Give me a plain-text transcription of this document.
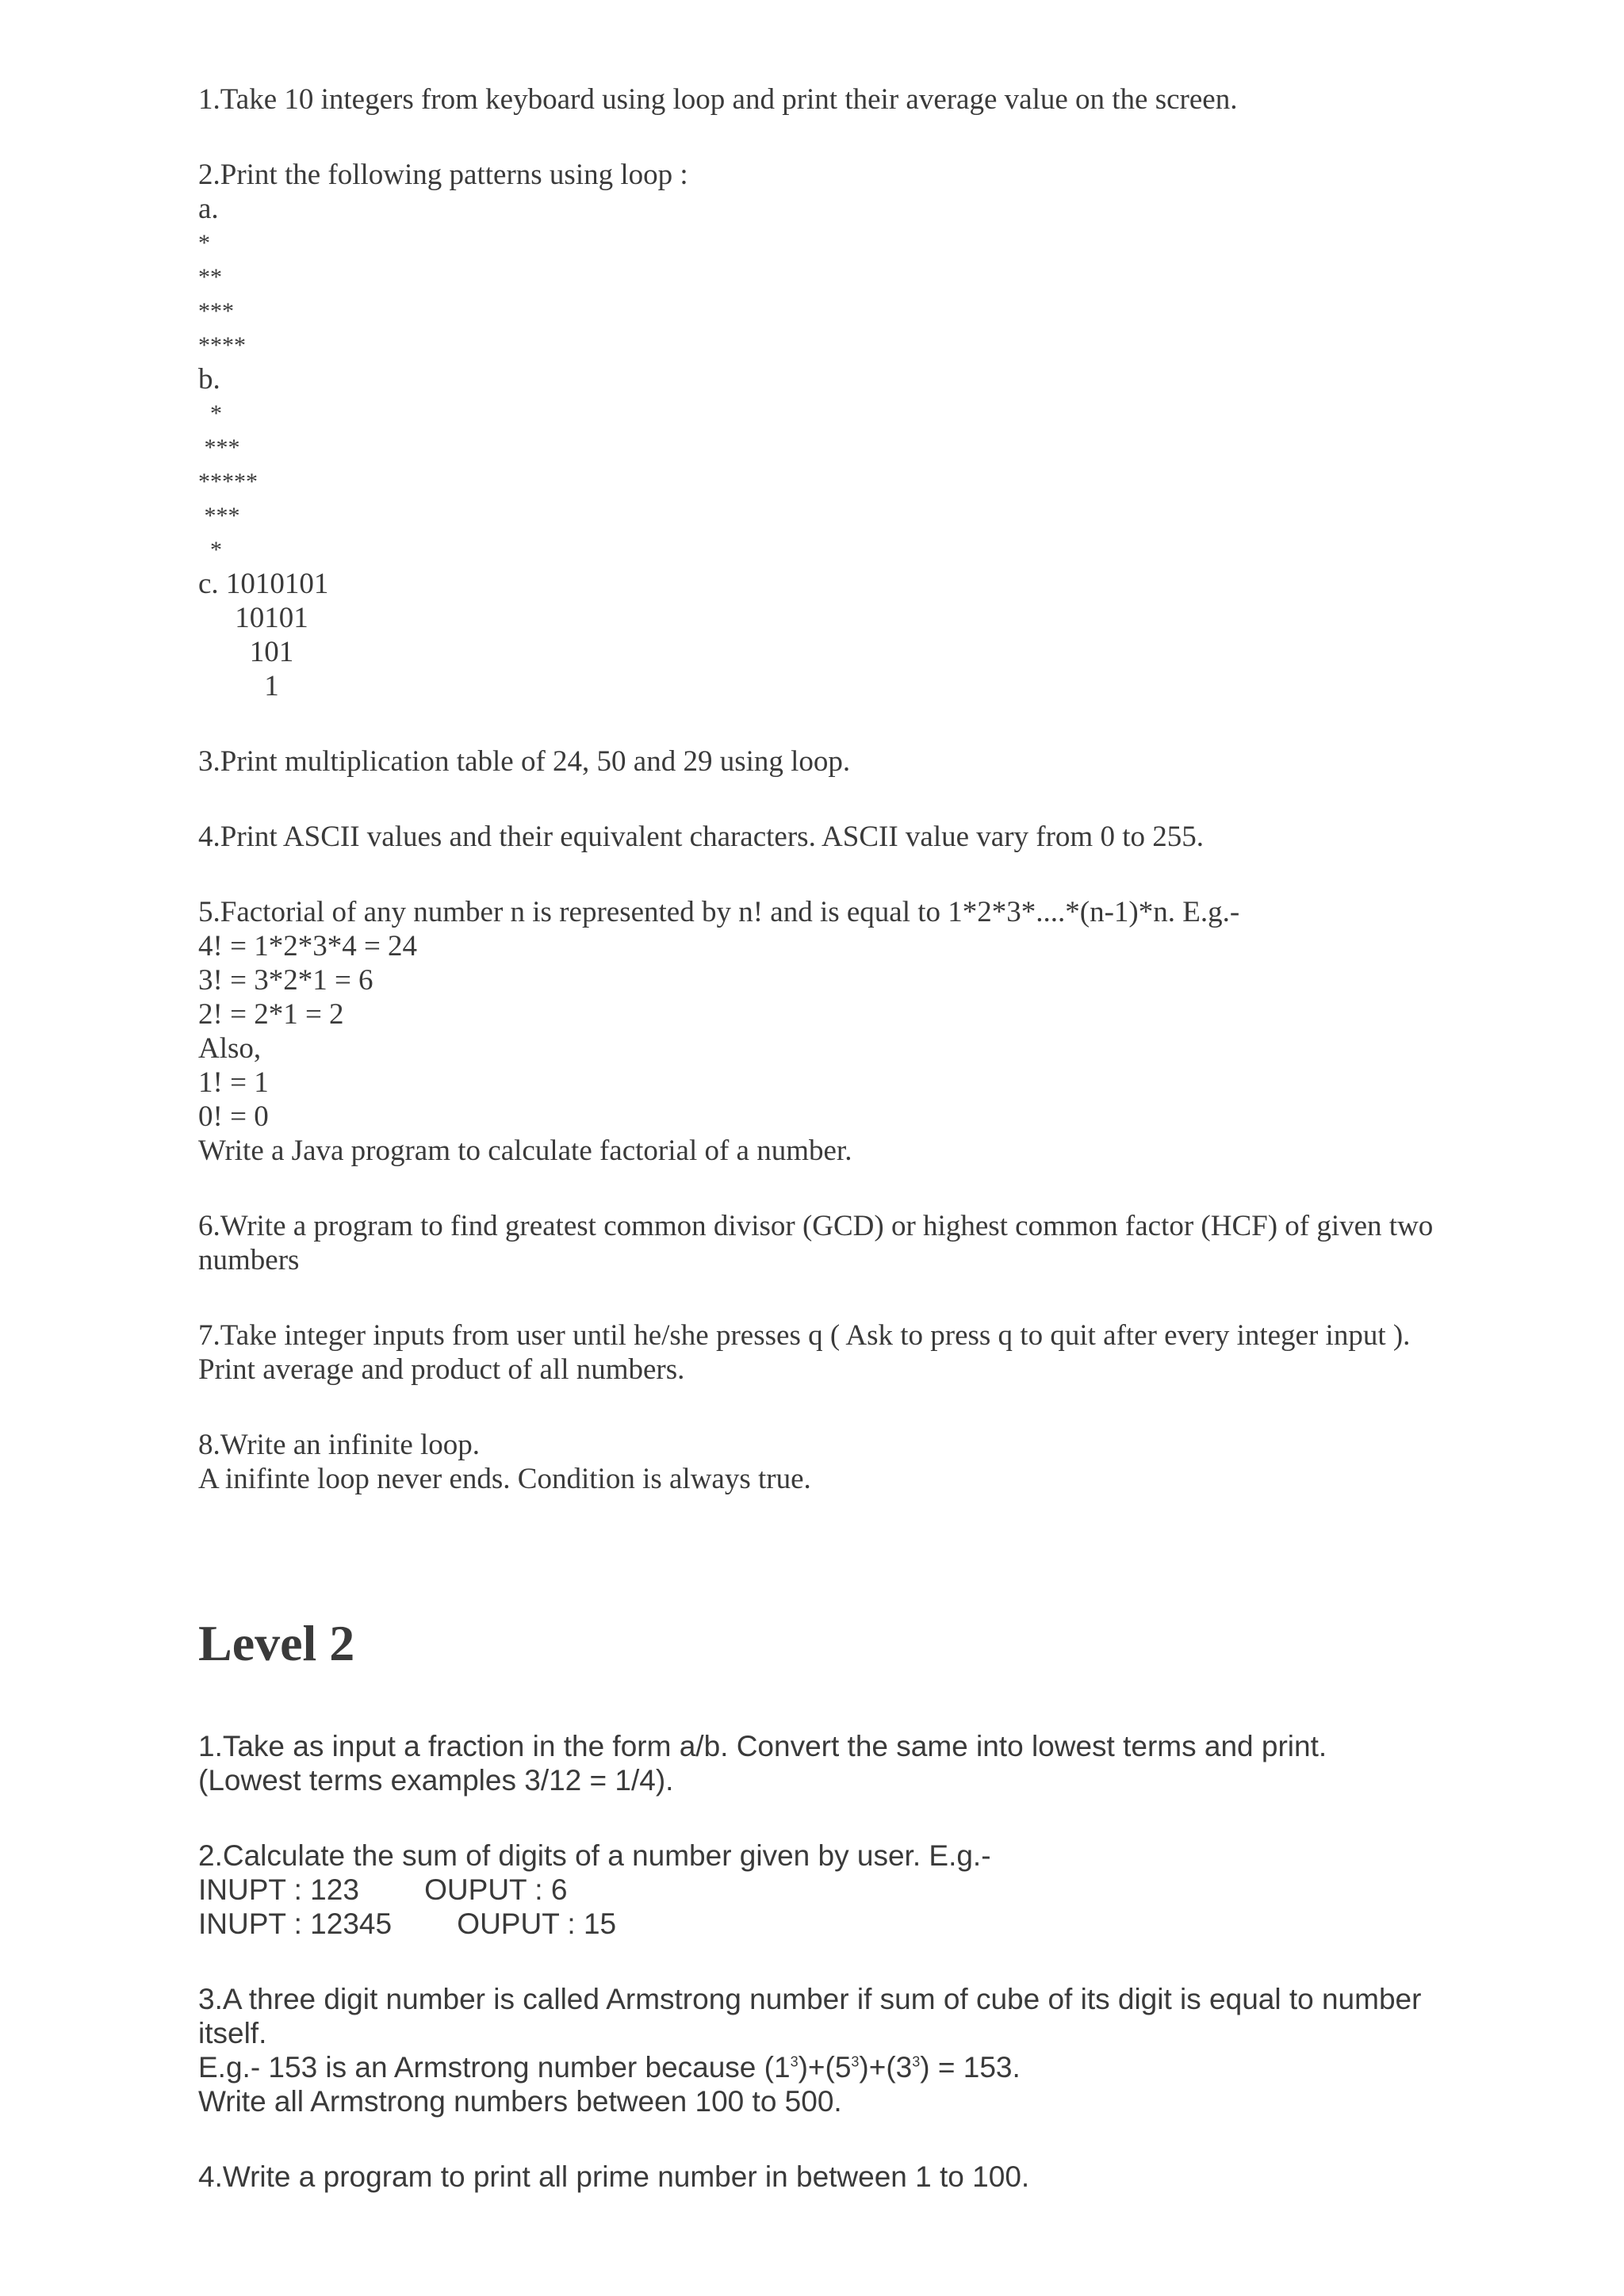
1.Take 10 integers from keyboard using loop and print their average value on the screen.

2.Print the following patterns using loop :

a.

*

**

***

****

b.

*

***

*****

***

*

c. 1010101

10101

101

1

3.Print multiplication table of 24, 50 and 29 using loop.

4.Print ASCII values and their equivalent characters. ASCII value vary from 0 to 255.

5.Factorial of any number n is represented by n! and is equal to 1*2*3*....*(n-1)*n. E.g.-

4! = 1*2*3*4 = 24

3! = 3*2*1 = 6

2! = 2*1 = 2

Also,

1! = 1

0! = 0

Write a Java program to calculate factorial of a number.

6.Write a program to find greatest common divisor (GCD) or highest common factor (HCF) of given two numbers

7.Take integer inputs from user until he/she presses q ( Ask to press q to quit after every integer input ). Print average and product of all numbers.

8.Write an infinite loop.

A inifinte loop never ends. Condition is always true.

Level 2

1.Take as input a fraction in the form a/b. Convert the same into lowest terms and print. (Lowest terms examples 3/12 = 1/4).

2.Calculate the sum of digits of a number given by user. E.g.-

INUPT : 123        OUPUT : 6

INUPT : 12345        OUPUT : 15

3.A three digit number is called Armstrong number if sum of cube of its digit is equal to number itself.

E.g.- 153 is an Armstrong number because $(1^3)+(5^3)+(3^3) = 153$.

Write all Armstrong numbers between 100 to 500.

4.Write a program to print all prime number in between 1 to 100.
